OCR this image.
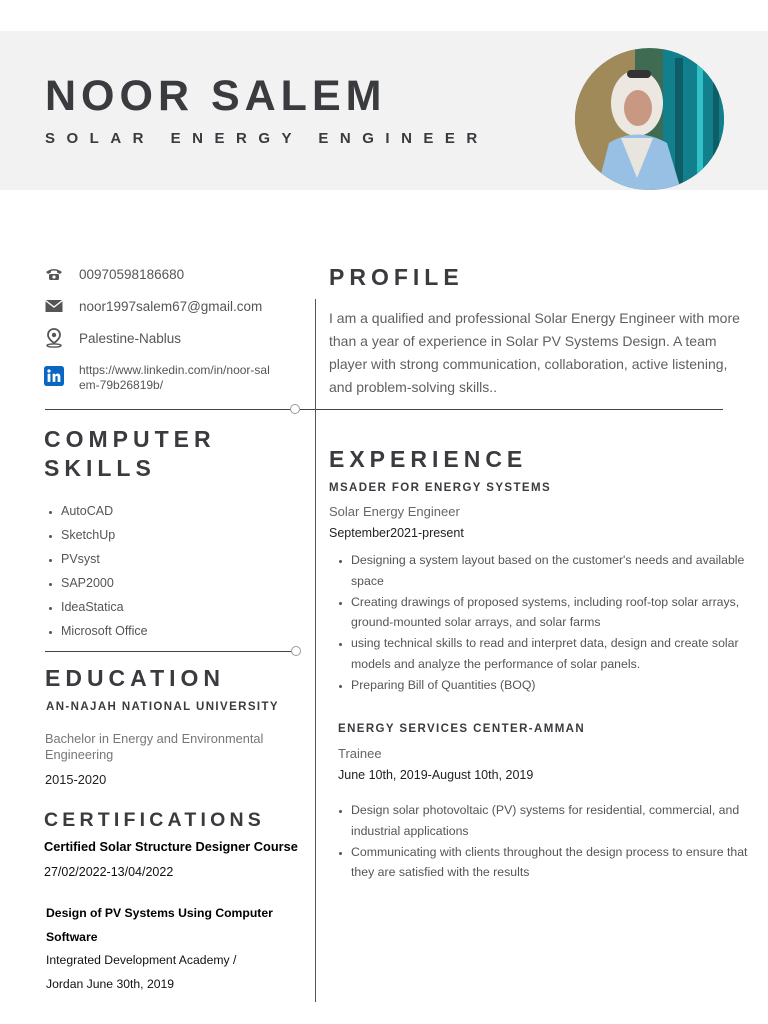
NOOR SALEM
SOLAR ENERGY ENGINEER
00970598186680
noor1997salem67@gmail.com
Palestine-Nablus
https://www.linkedin.com/in/noor-salem-79b26819b/
COMPUTER
SKILLS
• AutoCAD
• SketchUp
• PVsyst
• SAP2000
• IdeaStatica
• Microsoft Office
EDUCATION
AN-NAJAH NATIONAL UNIVERSITY
Bachelor in Energy and Environmental Engineering
2015-2020
CERTIFICATIONS
Certified Solar Structure Designer Course
27/02/2022-13/04/2022
Design of PV Systems Using Computer
Software
Integrated Development Academy /
Jordan June 30th, 2019
PROFILE
I am a qualified and professional Solar Energy Engineer with more than a year of experience in Solar PV Systems Design. A team player with strong communication, collaboration, active listening, and problem-solving skills..
EXPERIENCE
MSADER FOR ENERGY SYSTEMS
Solar Energy Engineer
September2021-present
• Designing a system layout based on the customer's needs and available space
• Creating drawings of proposed systems, including roof-top solar arrays, ground-mounted solar arrays, and solar farms
• using technical skills to read and interpret data, design and create solar models and analyze the performance of solar panels.
• Preparing Bill of Quantities (BOQ)
ENERGY SERVICES CENTER-AMMAN
Trainee
June 10th, 2019-August 10th, 2019
• Design solar photovoltaic (PV) systems for residential, commercial, and industrial applications
• Communicating with clients throughout the design process to ensure that they are satisfied with the results
